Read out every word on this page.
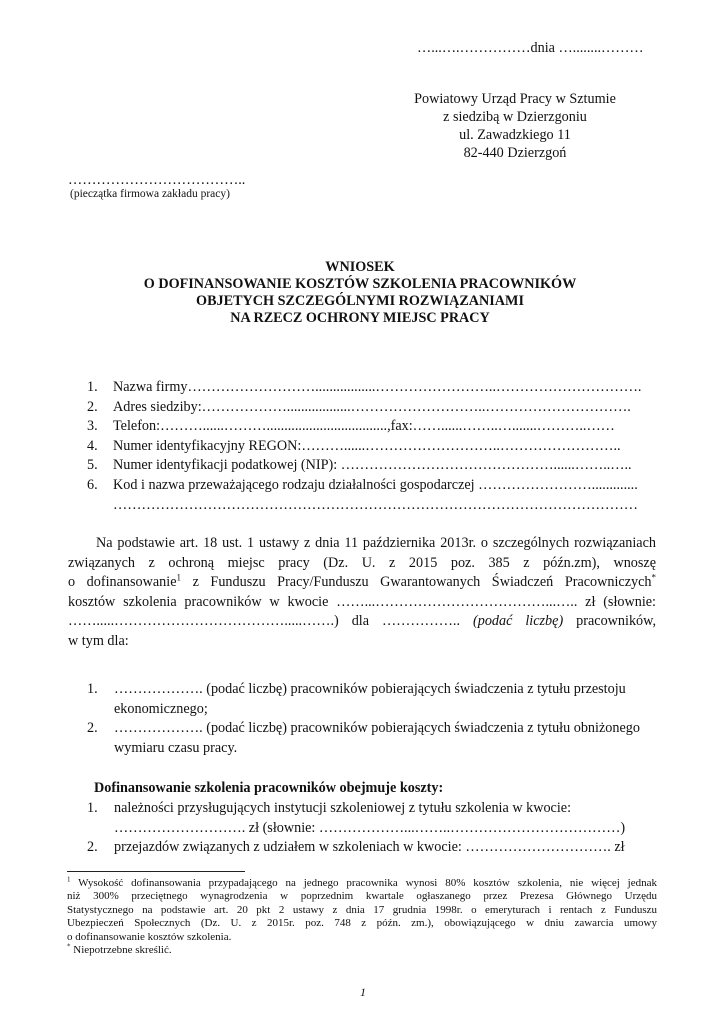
…...….……………dnia …........………
Powiatowy Urząd Pracy w Sztumie
z siedzibą w Dzierzgoniu
ul. Zawadzkiego 11
82-440 Dzierzgoń
………………………………..
(pieczątka firmowa zakładu pracy)
WNIOSEK
O DOFINANSOWANIE KOSZTÓW SZKOLENIA PRACOWNIKÓW
OBJETYCH SZCZEGÓLNYMI ROZWIĄZANIAMI
NA RZECZ OCHRONY MIEJSC PRACY
1. Nazwa firmy……………………….................……………………..………………………….
2. Adres siedziby:………………..................………………………..………………………….
3. Telefon:………......………..................................,fax:……......……..….......………..……
4. Numer identyfikacyjny REGON:………......………………………..……………………..
5. Numer identyfikacji podatkowej (NIP): ………………………………………......……..…..
6. Kod i nazwa przeważającego rodzaju działalności gospodarczej …………………….............
…………………………………………………………………………………………………
Na podstawie art. 18 ust. 1 ustawy z dnia 11 października 2013r. o szczególnych rozwiązaniach
związanych z ochroną miejsc pracy (Dz. U. z 2015 poz. 385 z późn.zm), wnoszę
o dofinansowanie$^1$ z Funduszu Pracy/Funduszu Gwarantowanych Świadczeń Pracowniczych*
kosztów szkolenia pracowników w kwocie ……...………………………………...….. zł (słownie:
…….....……………………………….....…….) dla …………….. (podać liczbę) pracowników,
w tym dla:
1. ………………. (podać liczbę) pracowników pobierających świadczenia z tytułu przestoju
ekonomicznego;
2. ………………. (podać liczbę) pracowników pobierających świadczenia z tytułu obniżonego
wymiaru czasu pracy.
Dofinansowanie szkolenia pracowników obejmuje koszty:
1. należności przysługujących instytucji szkoleniowej z tytułu szkolenia w kwocie:
………………………. zł (słownie: ………………...……..………………………………)
2. przejazdów związanych z udziałem w szkoleniach w kwocie: …………………………. zł
$^1$ Wysokość dofinansowania przypadającego na jednego pracownika wynosi 80% kosztów szkolenia, nie więcej jednak
niż 300% przeciętnego wynagrodzenia w poprzednim kwartale ogłaszanego przez Prezesa Głównego Urzędu
Statystycznego na podstawie art. 20 pkt 2 ustawy z dnia 17 grudnia 1998r. o emeryturach i rentach z Funduszu
Ubezpieczeń Społecznych (Dz. U. z 2015r. poz. 748 z późn. zm.), obowiązującego w dniu zawarcia umowy
o dofinansowanie kosztów szkolenia.
* Niepotrzebne skreślić.
1
